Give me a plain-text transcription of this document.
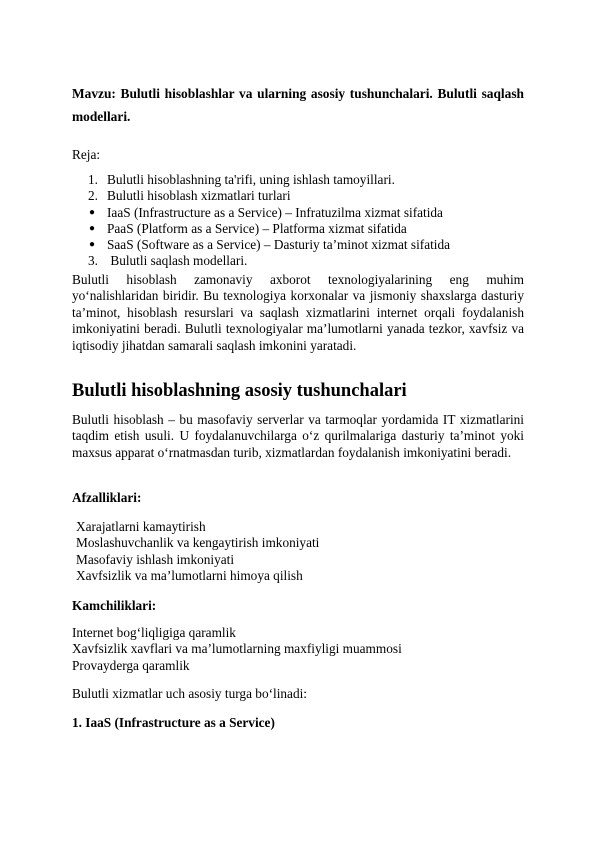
Mavzu: Bulutli hisoblashlar va ularning asosiy tushunchalari. Bulutli saqlash modellari.

Reja:

1. Bulutli hisoblashning ta'rifi, uning ishlash tamoyillari.
2. Bulutli hisoblash xizmatlari turlari
● IaaS (Infrastructure as a Service) – Infratuzilma xizmat sifatida
● PaaS (Platform as a Service) – Platforma xizmat sifatida
● SaaS (Software as a Service) – Dasturiy ta’minot xizmat sifatida
3. Bulutli saqlash modellari.

Bulutli hisoblash zamonaviy axborot texnologiyalarining eng muhim yo‘nalishlaridan biridir. Bu texnologiya korxonalar va jismoniy shaxslarga dasturiy ta’minot, hisoblash resurslari va saqlash xizmatlarini internet orqali foydalanish imkoniyatini beradi. Bulutli texnologiyalar ma’lumotlarni yanada tezkor, xavfsiz va iqtisodiy jihatdan samarali saqlash imkonini yaratadi.

Bulutli hisoblashning asosiy tushunchalari

Bulutli hisoblash – bu masofaviy serverlar va tarmoqlar yordamida IT xizmatlarini taqdim etish usuli. U foydalanuvchilarga o‘z qurilmalariga dasturiy ta’minot yoki maxsus apparat o‘rnatmasdan turib, xizmatlardan foydalanish imkoniyatini beradi.

Afzalliklari:

Xarajatlarni kamaytirish
Moslashuvchanlik va kengaytirish imkoniyati
Masofaviy ishlash imkoniyati
Xavfsizlik va ma’lumotlarni himoya qilish

Kamchiliklari:

Internet bog‘liqligiga qaramlik
Xavfsizlik xavflari va ma’lumotlarning maxfiyligi muammosi
Provayderga qaramlik

Bulutli xizmatlar uch asosiy turga bo‘linadi:

1. IaaS (Infrastructure as a Service)
